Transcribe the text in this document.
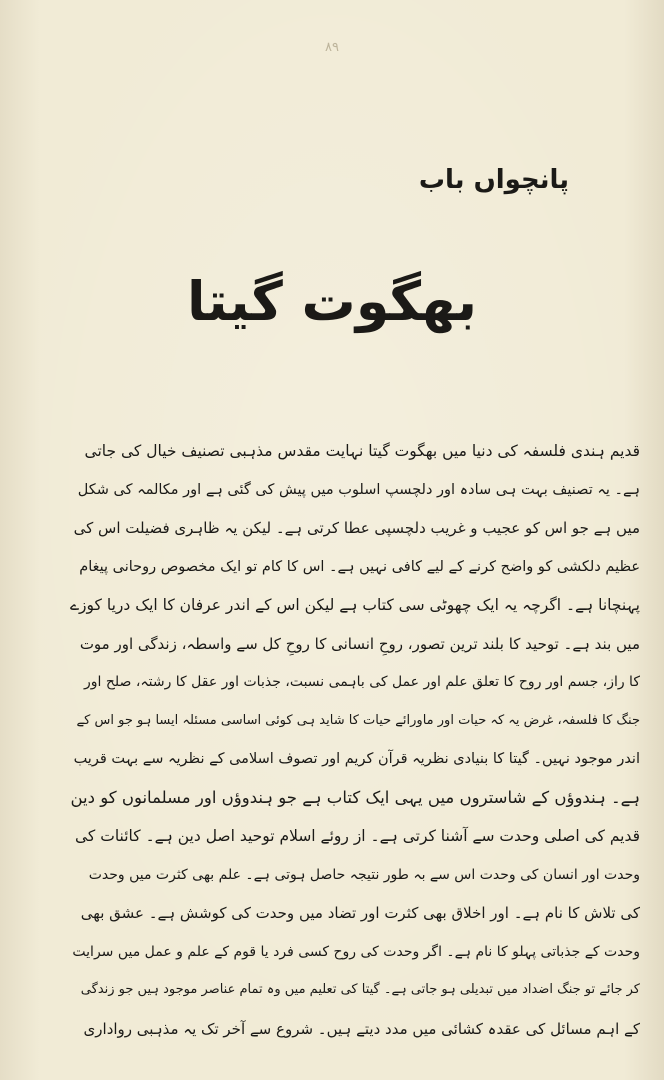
۸۹
پانچواں باب
بھگوت گیتا
قدیم ہندی فلسفہ کی دنیا میں بھگوت گیتا نہایت مقدس مذہبی تصنیف خیال کی جاتی
ہے۔ یہ تصنیف بہت ہی سادہ اور دلچسپ اسلوب میں پیش کی گئی ہے اور مکالمہ کی شکل
میں ہے جو اس کو عجیب و غریب دلچسپی عطا کرتی ہے۔ لیکن یہ ظاہری فضیلت اس کی
عظیم دلکشی کو واضح کرنے کے لیے کافی نہیں ہے۔ اس کا کام تو ایک مخصوص روحانی پیغام
پہنچانا ہے۔ اگرچہ یہ ایک چھوٹی سی کتاب ہے لیکن اس کے اندر عرفان کا ایک دریا کوزے
میں بند ہے۔ توحید کا بلند ترین تصور، روحِ انسانی کا روحِ کل سے واسطہ، زندگی اور موت
کا راز، جسم اور روح کا تعلق علم اور عمل کی باہمی نسبت، جذبات اور عقل کا رشتہ، صلح اور
جنگ کا فلسفہ، غرض یہ کہ حیات اور ماورائے حیات کا شاید ہی کوئی اساسی مسئلہ ایسا ہو جو اس کے
اندر موجود نہیں۔ گیتا کا بنیادی نظریہ قرآن کریم اور تصوف اسلامی کے نظریہ سے بہت قریب
ہے۔ ہندوؤں کے شاستروں میں یہی ایک کتاب ہے جو ہندوؤں اور مسلمانوں کو دین
قدیم کی اصلی وحدت سے آشنا کرتی ہے۔ از روئے اسلام توحید اصل دین ہے۔ کائنات کی
وحدت اور انسان کی وحدت اس سے بہ طور نتیجہ حاصل ہوتی ہے۔ علم بھی کثرت میں وحدت
کی تلاش کا نام ہے۔ اور اخلاق بھی کثرت اور تضاد میں وحدت کی کوشش ہے۔ عشق بھی
وحدت کے جذباتی پہلو کا نام ہے۔ اگر وحدت کی روح کسی فرد یا قوم کے علم و عمل میں سرایت
کر جائے تو جنگ اضداد میں تبدیلی ہو جاتی ہے۔ گیتا کی تعلیم میں وہ تمام عناصر موجود ہیں جو زندگی
کے اہم مسائل کی عقدہ کشائی میں مدد دیتے ہیں۔ شروع سے آخر تک یہ مذہبی رواداری
